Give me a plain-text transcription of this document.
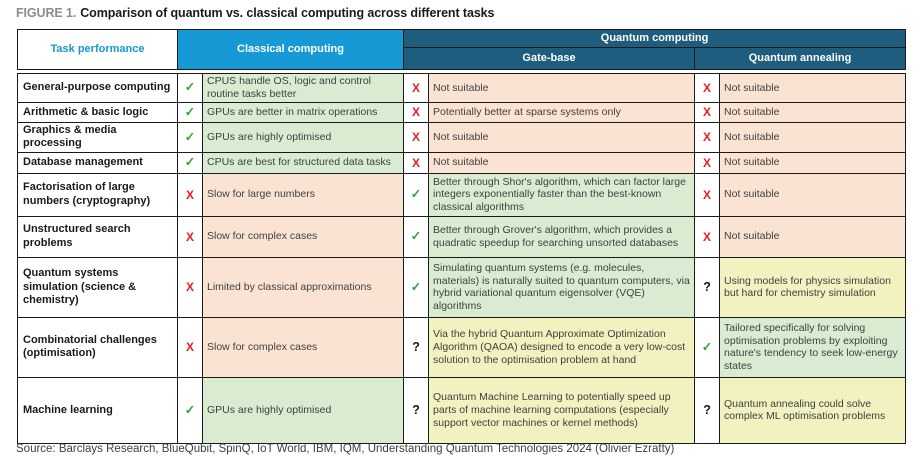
FIGURE 1. Comparison of quantum vs. classical computing across different tasks
Task performance	Classical computing		Quantum computing			
			Gate-base		Quantum annealing	

General-purpose computing	✓	CPUS handle OS, logic and control routine tasks better	X	Not suitable	X	Not suitable
Arithmetic & basic logic	✓	GPUs are better in matrix operations	X	Potentially better at sparse systems only	X	Not suitable
Graphics & media processing	✓	GPUs are highly optimised	X	Not suitable	X	Not suitable
Database management	✓	CPUs are best for structured data tasks	X	Not suitable	X	Not suitable
Factorisation of large numbers (cryptography)	X	Slow for large numbers	✓	Better through Shor's algorithm, which can factor large integers exponentially faster than the best-known classical algorithms	X	Not suitable
Unstructured search problems	X	Slow for complex cases	✓	Better through Grover's algorithm, which provides a quadratic speedup for searching unsorted databases	X	Not suitable
Quantum systems simulation (science & chemistry)	X	Limited by classical approximations	✓	Simulating quantum systems (e.g. molecules, materials) is naturally suited to quantum computers, via hybrid variational quantum eigensolver (VQE) algorithms	?	Using models for physics simulation but hard for chemistry simulation
Combinatorial challenges (optimisation)	X	Slow for complex cases	?	Via the hybrid Quantum Approximate Optimization Algorithm (QAOA) designed to encode a very low-cost solution to the optimisation problem at hand	✓	Tailored specifically for solving optimisation problems by exploiting nature's tendency to seek low-energy states
Machine learning	✓	GPUs are highly optimised	?	Quantum Machine Learning to potentially speed up parts of machine learning computations (especially support vector machines or kernel methods)	?	Quantum annealing could solve complex ML optimisation problems
Source: Barclays Research, BlueQubit, SpinQ, IoT World, IBM, IQM, Understanding Quantum Technologies 2024 (Olivier Ezratty)
